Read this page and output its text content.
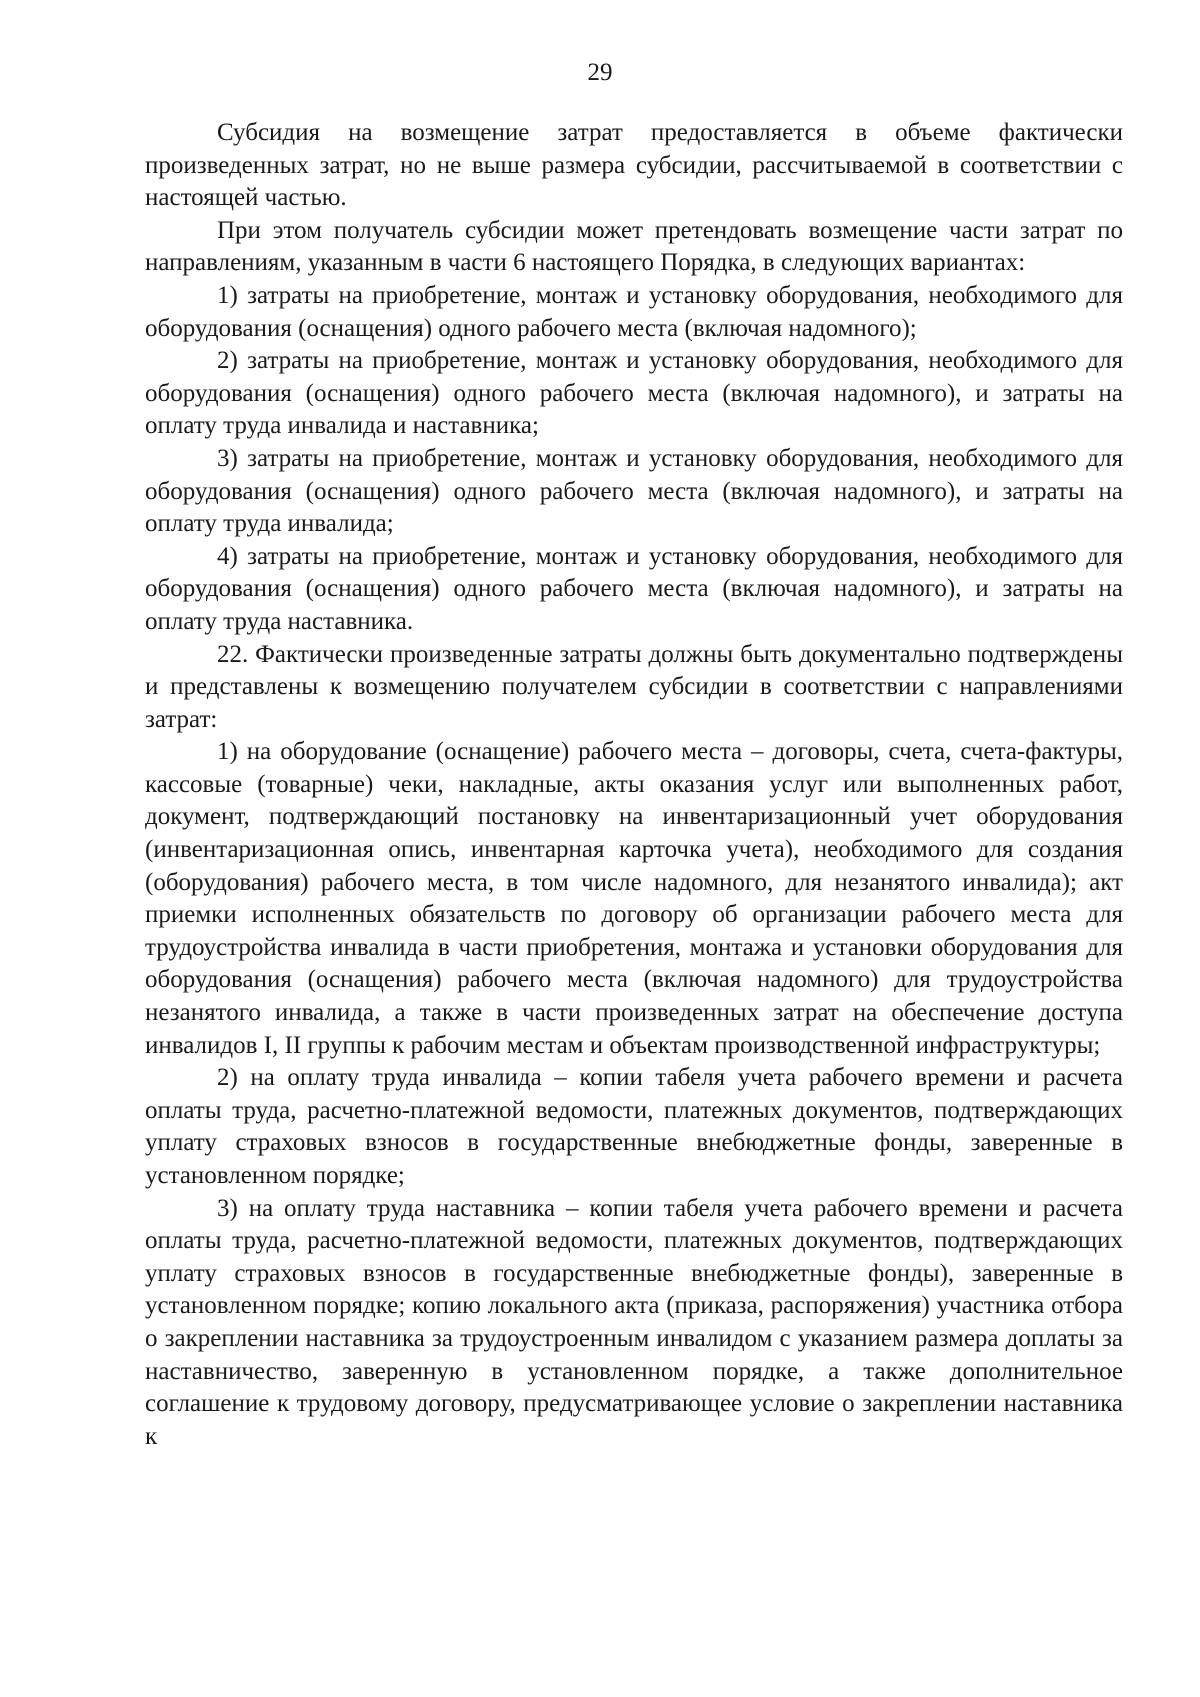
29

Субсидия на возмещение затрат предоставляется в объеме фактически произведенных затрат, но не выше размера субсидии, рассчитываемой в соответствии с настоящей частью.

При этом получатель субсидии может претендовать возмещение части затрат по направлениям, указанным в части 6 настоящего Порядка, в следующих вариантах:

1) затраты на приобретение, монтаж и установку оборудования, необходимого для оборудования (оснащения) одного рабочего места (включая надомного);

2) затраты на приобретение, монтаж и установку оборудования, необходимого для оборудования (оснащения) одного рабочего места (включая надомного), и затраты на оплату труда инвалида и наставника;

3) затраты на приобретение, монтаж и установку оборудования, необходимого для оборудования (оснащения) одного рабочего места (включая надомного), и затраты на оплату труда инвалида;

4) затраты на приобретение, монтаж и установку оборудования, необходимого для оборудования (оснащения) одного рабочего места (включая надомного), и затраты на оплату труда наставника.

22. Фактически произведенные затраты должны быть документально подтверждены и представлены к возмещению получателем субсидии в соответствии с направлениями затрат:

1) на оборудование (оснащение) рабочего места – договоры, счета, счета-фактуры, кассовые (товарные) чеки, накладные, акты оказания услуг или выполненных работ, документ, подтверждающий постановку на инвентаризационный учет оборудования (инвентаризационная опись, инвентарная карточка учета), необходимого для создания (оборудования) рабочего места, в том числе надомного, для незанятого инвалида); акт приемки исполненных обязательств по договору об организации рабочего места для трудоустройства инвалида в части приобретения, монтажа и установки оборудования для оборудования (оснащения) рабочего места (включая надомного) для трудоустройства незанятого инвалида, а также в части произведенных затрат на обеспечение доступа инвалидов I, II группы к рабочим местам и объектам производственной инфраструктуры;

2) на оплату труда инвалида – копии табеля учета рабочего времени и расчета оплаты труда, расчетно-платежной ведомости, платежных документов, подтверждающих уплату страховых взносов в государственные внебюджетные фонды, заверенные в установленном порядке;

3) на оплату труда наставника – копии табеля учета рабочего времени и расчета оплаты труда, расчетно-платежной ведомости, платежных документов, подтверждающих уплату страховых взносов в государственные внебюджетные фонды), заверенные в установленном порядке; копию локального акта (приказа, распоряжения) участника отбора о закреплении наставника за трудоустроенным инвалидом с указанием размера доплаты за наставничество, заверенную в установленном порядке, а также дополнительное соглашение к трудовому договору, предусматривающее условие о закреплении наставника к
